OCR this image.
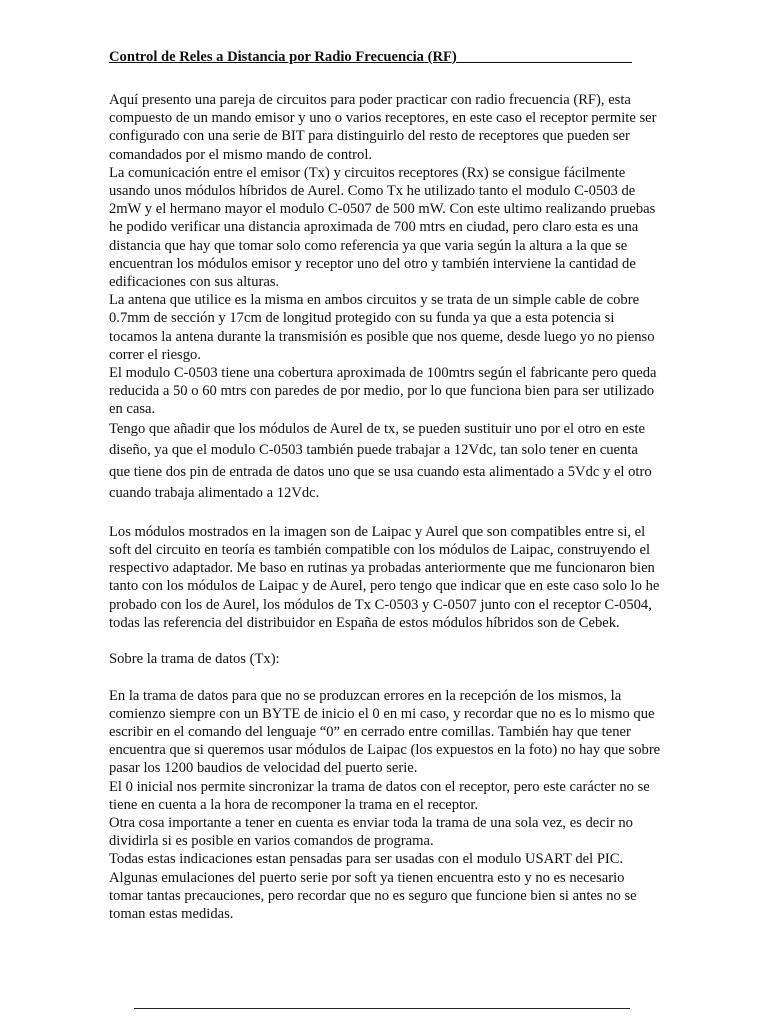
Control de Reles a Distancia por Radio Frecuencia (RF)________________________

Aquí presento una pareja de circuitos para poder practicar con radio frecuencia (RF), esta compuesto de un mando emisor y uno o varios receptores, en este caso el receptor permite ser configurado con una serie de BIT para distinguirlo del resto de receptores que pueden ser comandados por el mismo mando de control.

La comunicación entre el emisor (Tx) y circuitos receptores (Rx) se consigue fácilmente usando unos módulos híbridos de Aurel. Como Tx he utilizado tanto el modulo C-0503 de 2mW y el hermano mayor el modulo C-0507 de 500 mW. Con este ultimo realizando pruebas he podido verificar una distancia aproximada de 700 mtrs en ciudad, pero claro esta es una distancia que hay que tomar solo como referencia ya que varia según la altura a la que se encuentran los módulos emisor y receptor uno del otro y también interviene la cantidad de edificaciones con sus alturas.

La antena que utilice es la misma en ambos circuitos y se trata de un simple cable de cobre 0.7mm de sección y 17cm de longitud protegido con su funda ya que a esta potencia si tocamos la antena durante la transmisión es posible que nos queme, desde luego yo no pienso correr el riesgo.

El modulo C-0503 tiene una cobertura aproximada de 100mtrs según el fabricante pero queda reducida a 50 o 60 mtrs con paredes de por medio, por lo que funciona bien para ser utilizado en casa.

Tengo que añadir que los módulos de Aurel de tx, se pueden sustituir uno por el otro en este diseño, ya que el modulo C-0503 también puede trabajar a 12Vdc, tan solo tener en cuenta que tiene dos pin de entrada de datos uno que se usa cuando esta alimentado a 5Vdc y el otro cuando trabaja alimentado a 12Vdc.

Los módulos mostrados en la imagen son de Laipac y Aurel que son compatibles entre si, el soft del circuito en teoría es también compatible con los módulos de Laipac, construyendo el respectivo adaptador. Me baso en rutinas ya probadas anteriormente que me funcionaron bien tanto con los módulos de Laipac y de Aurel, pero tengo que indicar que en este caso solo lo he probado con los de Aurel, los módulos de Tx C-0503 y C-0507 junto con el receptor C-0504, todas las referencia del distribuidor en España de estos módulos híbridos son de Cebek.

Sobre la trama de datos (Tx):

En la trama de datos para que no se produzcan errores en la recepción de los mismos, la comienzo siempre con un BYTE de inicio el 0 en mi caso, y recordar que no es lo mismo que escribir en el comando del lenguaje “0” en cerrado entre comillas. También hay que tener encuentra que si queremos usar módulos de Laipac (los expuestos en la foto) no hay que sobre pasar los 1200 baudios de velocidad del puerto serie.

El 0 inicial nos permite sincronizar la trama de datos con el receptor, pero este carácter no se tiene en cuenta a la hora de recomponer la trama en el receptor.

Otra cosa importante a tener en cuenta es enviar toda la trama de una sola vez, es decir no dividirla si es posible en varios comandos de programa.

Todas estas indicaciones estan pensadas para ser usadas con el modulo USART del PIC. Algunas emulaciones del puerto serie por soft ya tienen encuentra esto y no es necesario tomar tantas precauciones, pero recordar que no es seguro que funcione bien si antes no se toman estas medidas.
